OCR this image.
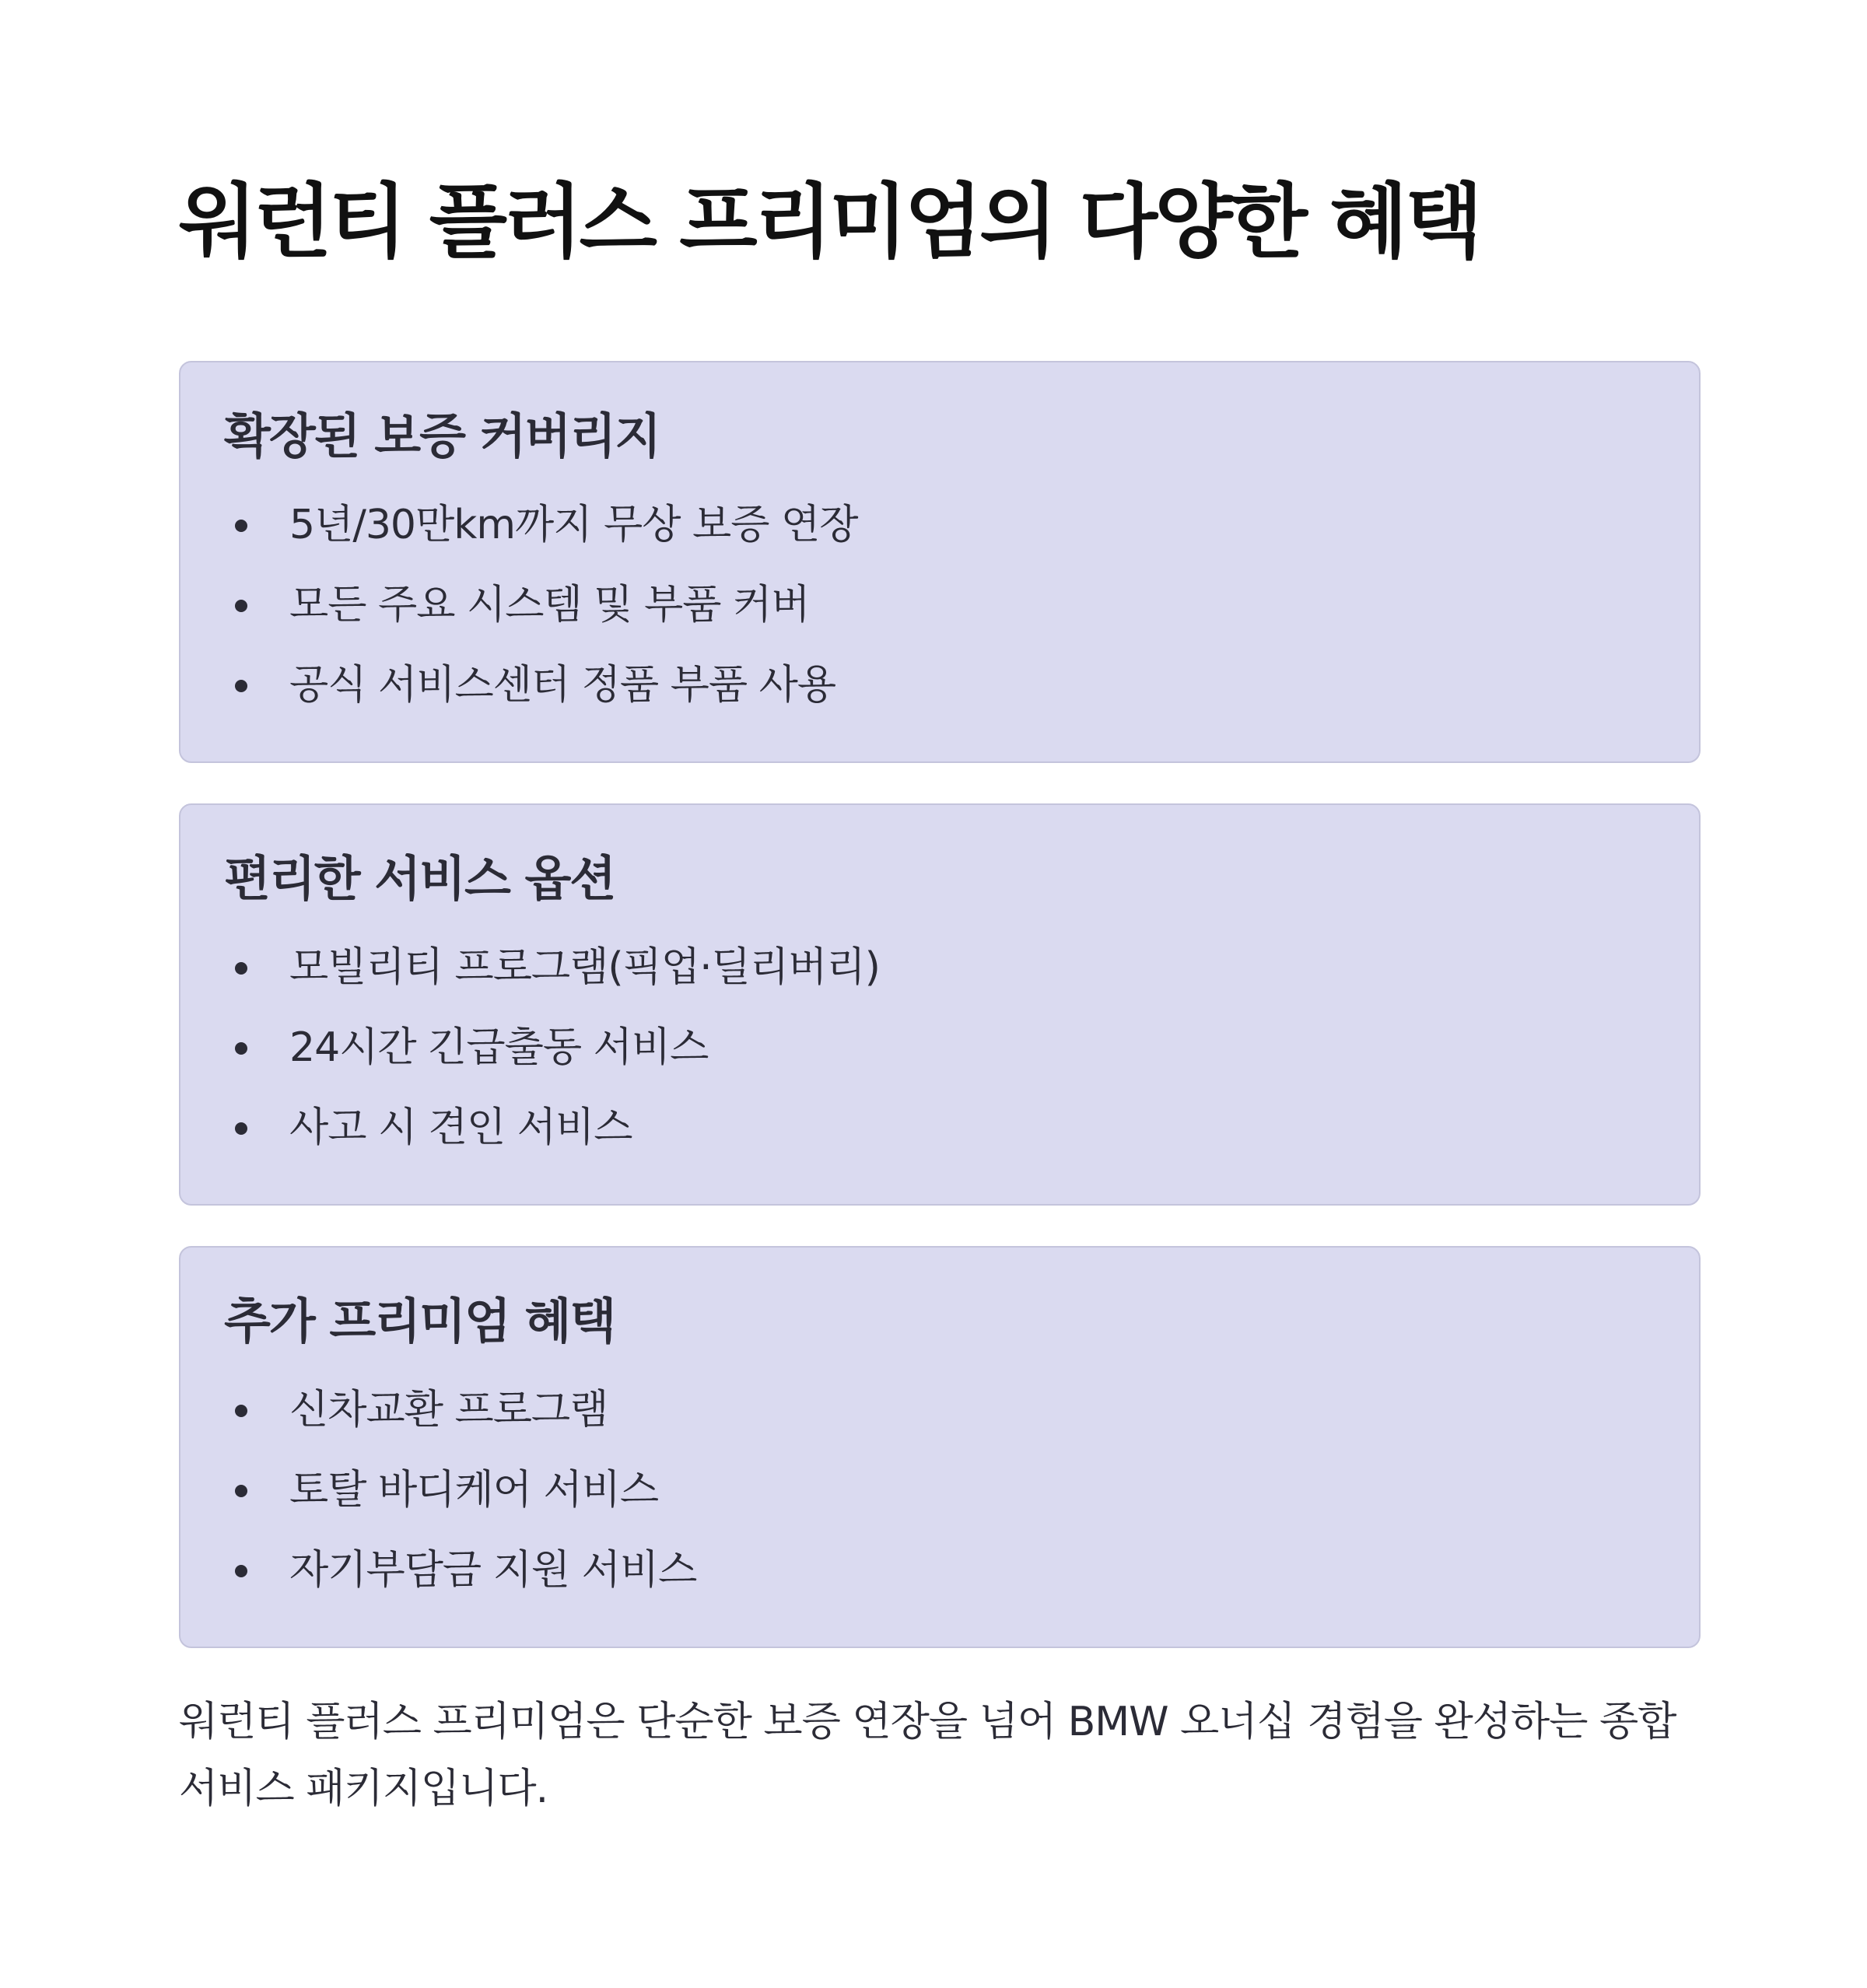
워런티 플러스 프리미엄의 다양한 혜택
확장된 보증 커버리지
5년/30만km까지 무상 보증 연장
모든 주요 시스템 및 부품 커버
공식 서비스센터 정품 부품 사용
편리한 서비스 옵션
모빌리티 프로그램(픽업·딜리버리)
24시간 긴급출동 서비스
사고 시 견인 서비스
추가 프리미엄 혜택
신차교환 프로그램
토탈 바디케어 서비스
자기부담금 지원 서비스

워런티 플러스 프리미엄은 단순한 보증 연장을 넘어 BMW 오너십 경험을 완성하는 종합 서비스 패키지입니다.
